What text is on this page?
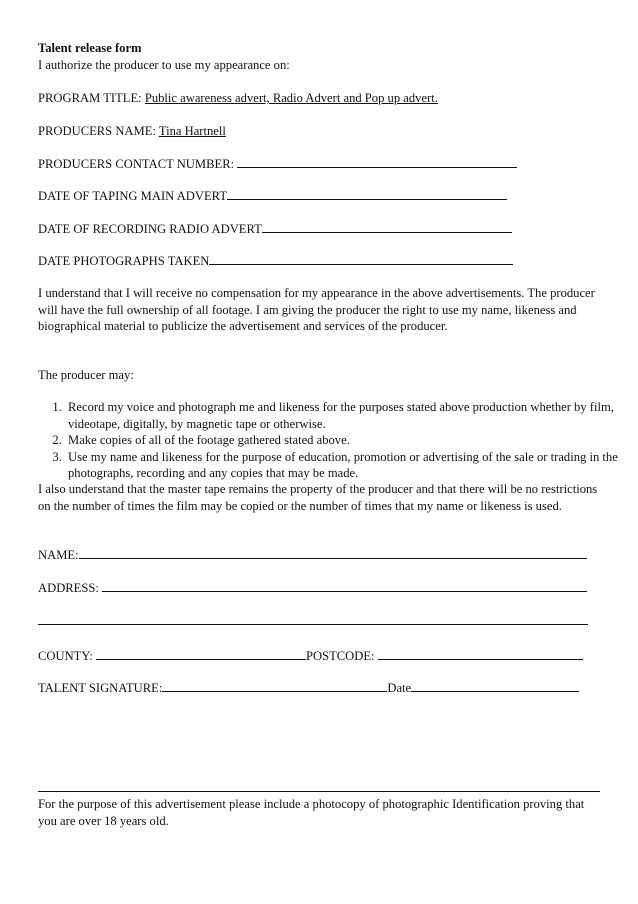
Talent release form
I authorize the producer to use my appearance on:
PROGRAM TITLE: Public awareness advert, Radio Advert and Pop up advert.
PRODUCERS NAME: Tina Hartnell
PRODUCERS CONTACT NUMBER:
DATE OF TAPING MAIN ADVERT
DATE OF RECORDING RADIO ADVERT
DATE PHOTOGRAPHS TAKEN
I understand that I will receive no compensation for my appearance in the above advertisements. The producer will have the full ownership of all footage. I am giving the producer the right to use my name, likeness and biographical material to publicize the advertisement and services of the producer.
The producer may:
1. Record my voice and photograph me and likeness for the purposes stated above production whether by film, videotape, digitally, by magnetic tape or otherwise.
2. Make copies of all of the footage gathered stated above.
3. Use my name and likeness for the purpose of education, promotion or advertising of the sale or trading in the photographs, recording and any copies that may be made.
I also understand that the master tape remains the property of the producer and that there will be no restrictions on the number of times the film may be copied or the number of times that my name or likeness is used.
NAME:
ADDRESS:
COUNTY:	POSTCODE:
TALENT SIGNATURE:	Date
For the purpose of this advertisement please include a photocopy of photographic Identification proving that you are over 18 years old.
